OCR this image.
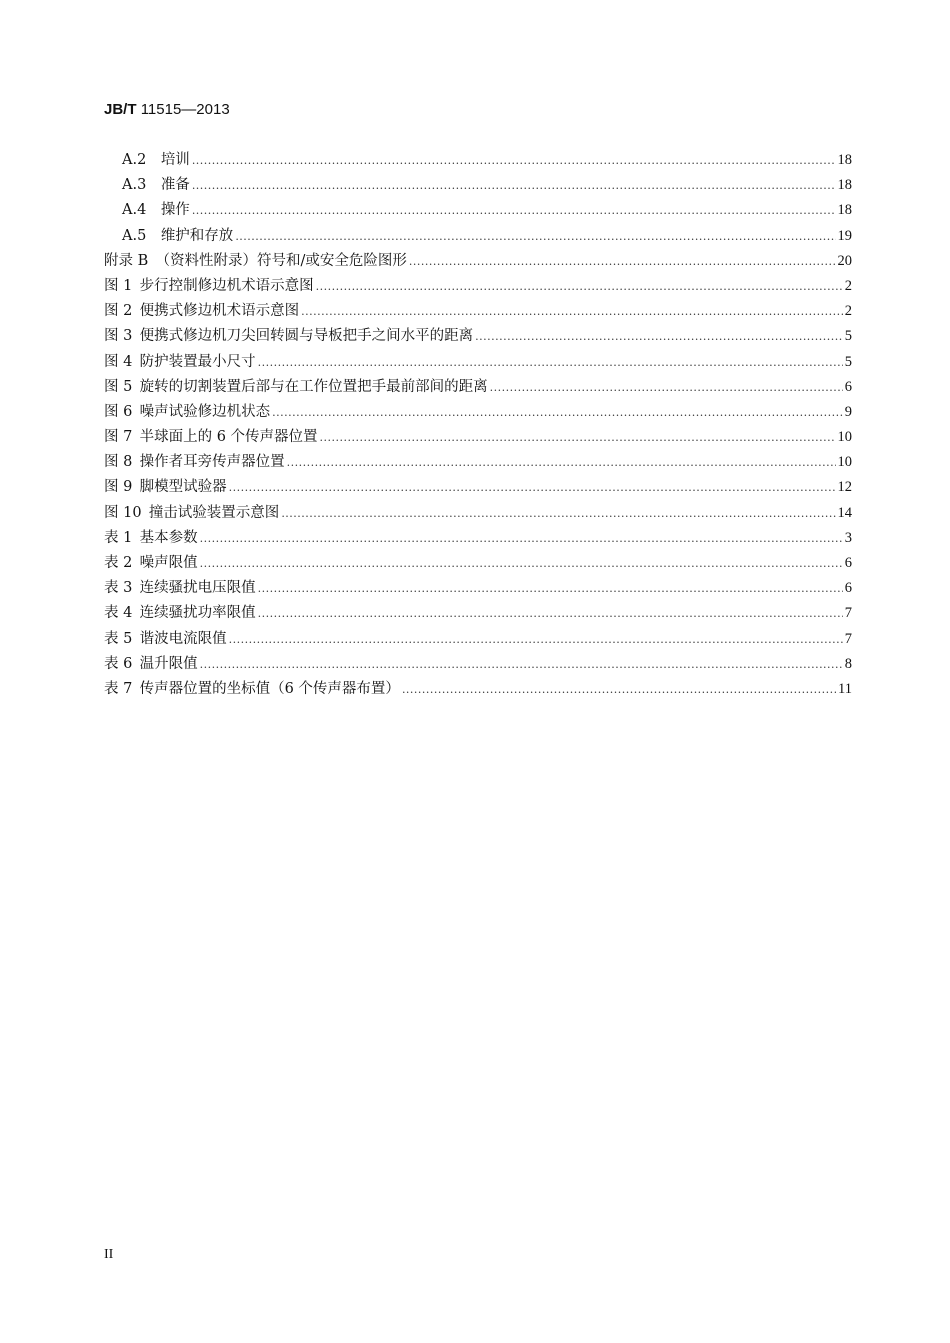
JB/T 11515—2013
A.2   培训 .....	18
A.3   准备 .....	18
A.4   操作 .....	18
A.5   维护和存放 .....	19
附录 B  （资料性附录）符号和/或安全危险图形 .....	20
图 1  步行控制修边机术语示意图 .....	2
图 2  便携式修边机术语示意图 .....	2
图 3  便携式修边机刀尖回转圆与导板把手之间水平的距离 .....	5
图 4  防护装置最小尺寸 .....	5
图 5  旋转的切割装置后部与在工作位置把手最前部间的距离 .....	6
图 6  噪声试验修边机状态 .....	9
图 7  半球面上的 6 个传声器位置 .....	10
图 8  操作者耳旁传声器位置 .....	10
图 9  脚模型试验器 .....	12
图 10  撞击试验装置示意图 .....	14
表 1  基本参数 .....	3
表 2  噪声限值 .....	6
表 3  连续骚扰电压限值 .....	6
表 4  连续骚扰功率限值 .....	7
表 5  谐波电流限值 .....	7
表 6  温升限值 .....	8
表 7  传声器位置的坐标值（6 个传声器布置） .....	11
II
